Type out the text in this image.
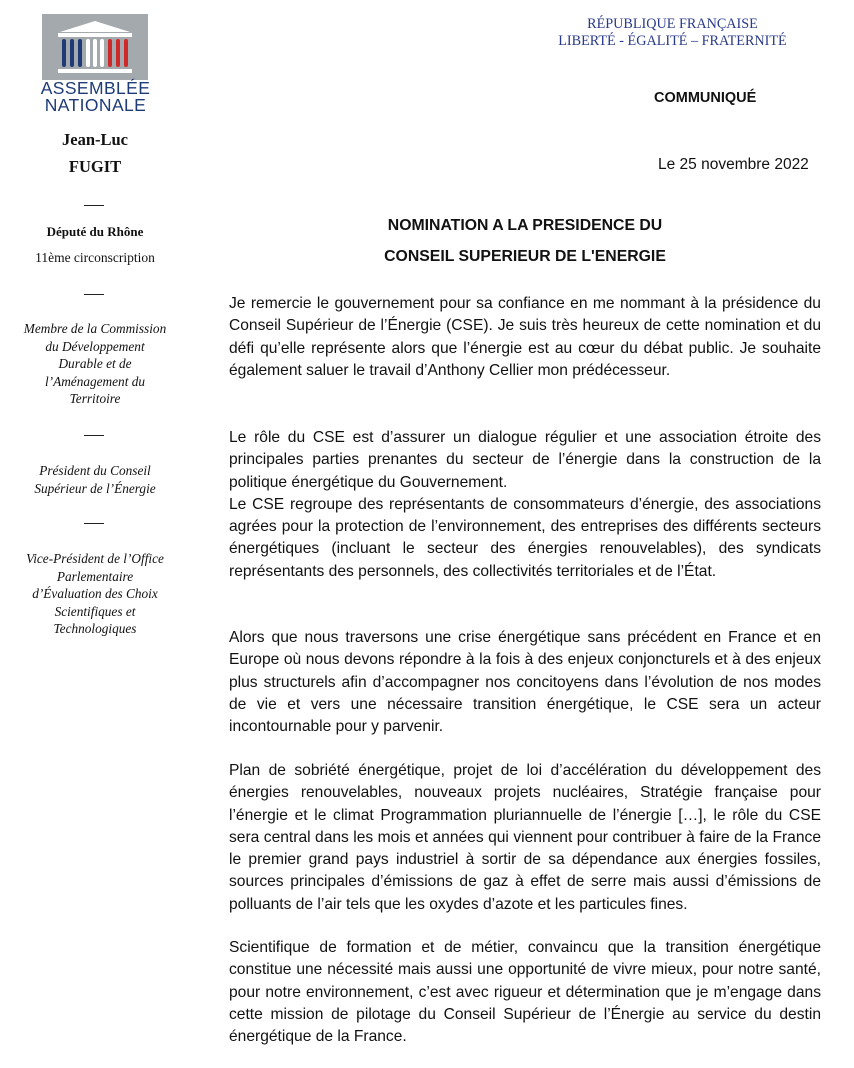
ASSEMBLÉE
NATIONALE
Jean-Luc
FUGIT
Député du Rhône
11ème circonscription
Membre de la Commission
du Développement
Durable et de
l’Aménagement du
Territoire
Président du Conseil
Supérieur de l’Énergie
Vice-Président de l’Office
Parlementaire
d’Évaluation des Choix
Scientifiques et
Technologiques
RÉPUBLIQUE FRANÇAISE
LIBERTÉ - ÉGALITÉ – FRATERNITÉ
COMMUNIQUÉ
Le 25 novembre 2022
NOMINATION A LA PRESIDENCE DU
CONSEIL SUPERIEUR DE L'ENERGIE

Je remercie le gouvernement pour sa confiance en me nommant à la présidence du Conseil Supérieur de l’Énergie (CSE). Je suis très heureux de cette nomination et du défi qu’elle représente alors que l’énergie est au cœur du débat public. Je souhaite également saluer le travail d’Anthony Cellier mon prédécesseur.

Le rôle du CSE est d’assurer un dialogue régulier et une association étroite des principales parties prenantes du secteur de l’énergie dans la construction de la politique énergétique du Gouvernement.

Le CSE regroupe des représentants de consommateurs d’énergie, des associations agrées pour la protection de l’environnement, des entreprises des différents secteurs énergétiques (incluant le secteur des énergies renouvelables), des syndicats représentants des personnels, des collectivités territoriales et de l’État.

Alors que nous traversons une crise énergétique sans précédent en France et en Europe où nous devons répondre à la fois à des enjeux conjoncturels et à des enjeux plus structurels afin d’accompagner nos concitoyens dans l’évolution de nos modes de vie et vers une nécessaire transition énergétique, le CSE sera un acteur incontournable pour y parvenir.

Plan de sobriété énergétique, projet de loi d’accélération du développement des énergies renouvelables, nouveaux projets nucléaires, Stratégie française pour l’énergie et le climat Programmation pluriannuelle de l’énergie […], le rôle du CSE sera central dans les mois et années qui viennent pour contribuer à faire de la France le premier grand pays industriel à sortir de sa dépendance aux énergies fossiles, sources principales d’émissions de gaz à effet de serre mais aussi d’émissions de polluants de l’air tels que les oxydes d’azote et les particules fines.

Scientifique de formation et de métier, convaincu que la transition énergétique constitue une nécessité mais aussi une opportunité de vivre mieux, pour notre santé, pour notre environnement, c’est avec rigueur et détermination que je m’engage dans cette mission de pilotage du Conseil Supérieur de l’Énergie au service du destin énergétique de la France.
